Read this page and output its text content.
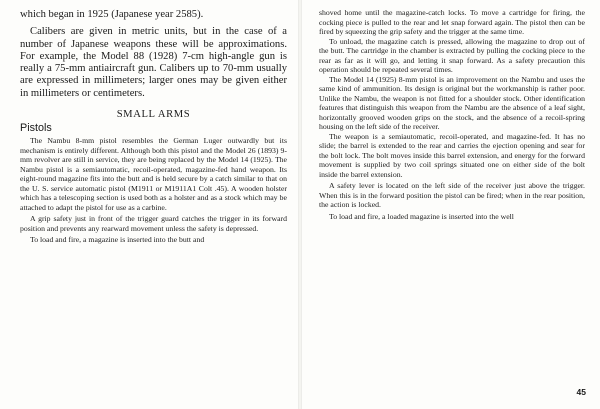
which began in 1925 (Japanese year 2585).

Calibers are given in metric units, but in the case of a number of Japanese weapons these will be approximations. For example, the Model 88 (1928) 7-cm high-angle gun is really a 75-mm antiaircraft gun. Calibers up to 70-mm usually are expressed in millimeters; larger ones may be given either in millimeters or centimeters.

SMALL ARMS
Pistols

The Nambu 8-mm pistol resembles the German Luger outwardly but its mechanism is entirely different. Although both this pistol and the Model 26 (1893) 9-mm revolver are still in service, they are being replaced by the Model 14 (1925). The Nambu pistol is a semiautomatic, recoil-operated, magazine-fed hand weapon. Its eight-round magazine fits into the butt and is held secure by a catch similar to that on the U. S. service automatic pistol (M1911 or M1911A1 Colt .45). A wooden holster which has a telescoping section is used both as a holster and as a stock which may be attached to adapt the pistol for use as a carbine.

A grip safety just in front of the trigger guard catches the trigger in its forward position and prevents any rearward movement unless the safety is depressed.

To load and fire, a magazine is inserted into the butt and

shoved home until the magazine-catch locks. To move a cartridge for firing, the cocking piece is pulled to the rear and let snap forward again. The pistol then can be fired by squeezing the grip safety and the trigger at the same time.

To unload, the magazine catch is pressed, allowing the magazine to drop out of the butt. The cartridge in the chamber is extracted by pulling the cocking piece to the rear as far as it will go, and letting it snap forward. As a safety precaution this operation should be repeated several times.

The Model 14 (1925) 8-mm pistol is an improvement on the Nambu and uses the same kind of ammunition. Its design is original but the workmanship is rather poor. Unlike the Nambu, the weapon is not fitted for a shoulder stock. Other identification features that distinguish this weapon from the Nambu are the absence of a leaf sight, horizontally grooved wooden grips on the stock, and the absence of a recoil-spring housing on the left side of the receiver.

The weapon is a semiautomatic, recoil-operated, and magazine-fed. It has no slide; the barrel is extended to the rear and carries the ejection opening and sear for the bolt lock. The bolt moves inside this barrel extension, and energy for the forward movement is supplied by two coil springs situated one on either side of the bolt inside the barrel extension.

A safety lever is located on the left side of the receiver just above the trigger. When this is in the forward position the pistol can be fired; when in the rear position, the action is locked.

To load and fire, a loaded magazine is inserted into the well

45
